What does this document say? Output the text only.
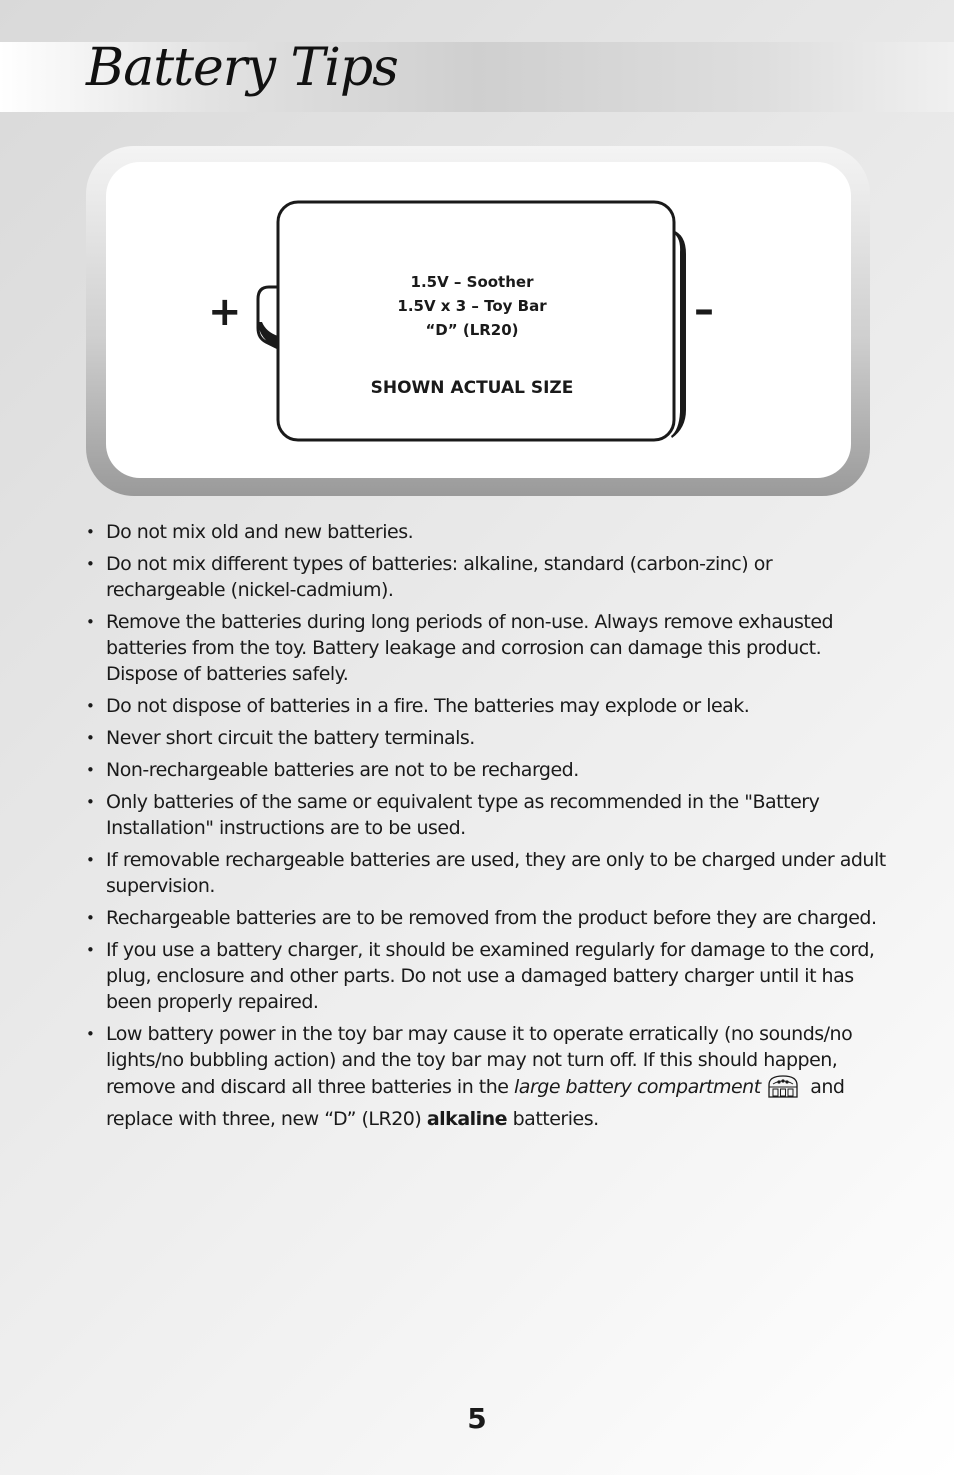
Battery Tips
+	–
1.5V – Soother
1.5V x 3 – Toy Bar
“D” (LR20)
SHOWN ACTUAL SIZE
• Do not mix old and new batteries.
• Do not mix different types of batteries: alkaline, standard (carbon-zinc) or rechargeable (nickel-cadmium).
• Remove the batteries during long periods of non-use. Always remove exhausted batteries from the toy. Battery leakage and corrosion can damage this product. Dispose of batteries safely.
• Do not dispose of batteries in a fire. The batteries may explode or leak.
• Never short circuit the battery terminals.
• Non-rechargeable batteries are not to be recharged.
• Only batteries of the same or equivalent type as recommended in the "Battery Installation" instructions are to be used.
• If removable rechargeable batteries are used, they are only to be charged under adult supervision.
• Rechargeable batteries are to be removed from the product before they are charged.
• If you use a battery charger, it should be examined regularly for damage to the cord, plug, enclosure and other parts. Do not use a damaged battery charger until it has been properly repaired.
• Low battery power in the toy bar may cause it to operate erratically (no sounds/no lights/no bubbling action) and the toy bar may not turn off. If this should happen, remove and discard all three batteries in the large battery compartment and replace with three, new “D” (LR20) alkaline batteries.
5
